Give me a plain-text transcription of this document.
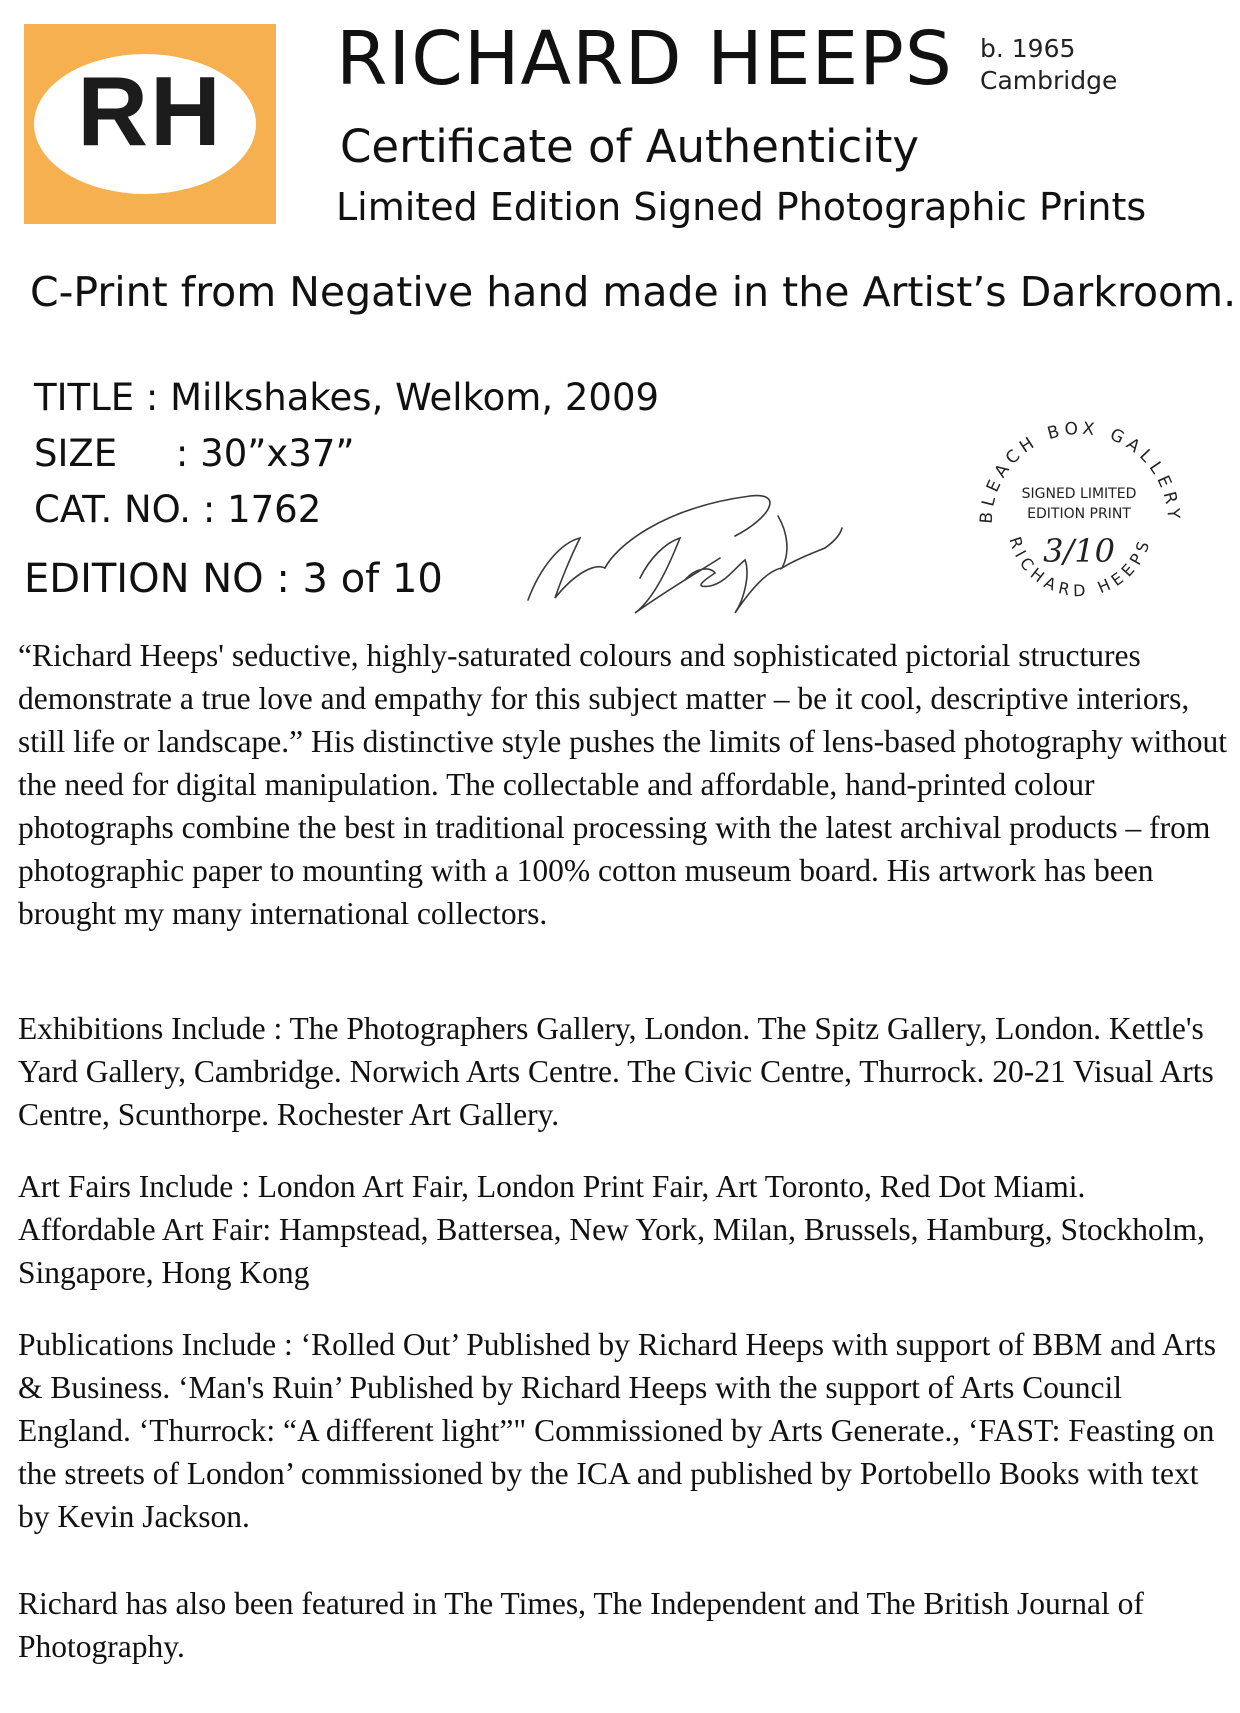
RH	RICHARD HEEPS b. 1965
Cambridge
Certificate of Authenticity
Limited Edition Signed Photographic Prints
C-Print from Negative hand made in the Artist’s Darkroom.
TITLE : Milkshakes, Welkom, 2009
SIZE     : 30”x37”
CAT. NO. : 1762
EDITION NO : 3 of 10
BLEACH BOX GALLERY
RICHARD HEEPS
SIGNED LIMITED
EDITION PRINT
3/10

“Richard Heeps' seductive, highly-saturated colours and sophisticated pictorial structures demonstrate a true love and empathy for this subject matter – be it cool, descriptive interiors, still life or landscape.” His distinctive style pushes the limits of lens-based photography without the need for digital manipulation. The collectable and affordable, hand-printed colour photographs combine the best in traditional processing with the latest archival products – from photographic paper to mounting with a 100% cotton museum board. His artwork has been brought my many international collectors.

Exhibitions Include : The Photographers Gallery, London. The Spitz Gallery, London. Kettle's Yard Gallery, Cambridge. Norwich Arts Centre. The Civic Centre, Thurrock. 20-21 Visual Arts Centre, Scunthorpe. Rochester Art Gallery.

Art Fairs Include : London Art Fair, London Print Fair, Art Toronto, Red Dot Miami. Affordable Art Fair: Hampstead, Battersea, New York, Milan, Brussels, Hamburg, Stockholm, Singapore, Hong Kong

Publications Include : ‘Rolled Out’ Published by Richard Heeps with support of BBM and Arts & Business. ‘Man's Ruin’ Published by Richard Heeps with the support of Arts Council England. ‘Thurrock: “A different light”" Commissioned by Arts Generate., ‘FAST: Feasting on the streets of London’ commissioned by the ICA and published by Portobello Books with text by Kevin Jackson.

Richard has also been featured in The Times, The Independent and The British Journal of Photography.
